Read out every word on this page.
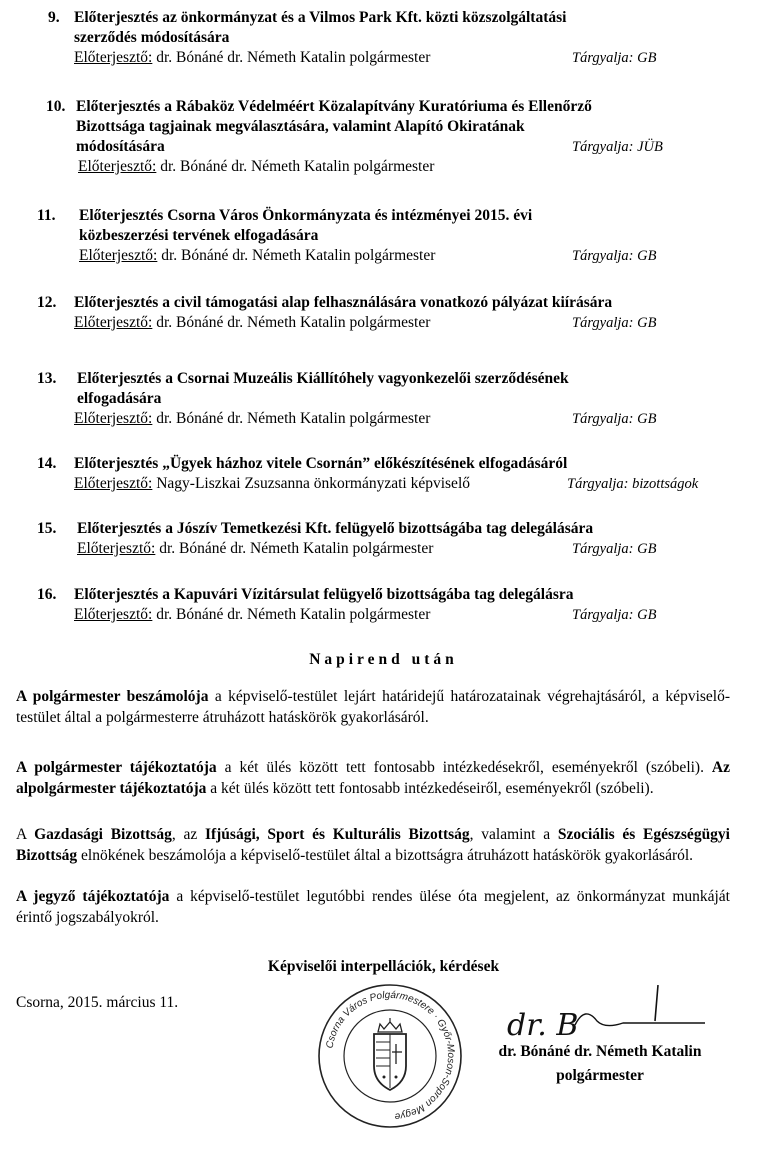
9. Előterjesztés az önkormányzat és a Vilmos Park Kft. közti közszolgáltatási
szerződés módosítására
Előterjesztő: dr. Bónáné dr. Németh Katalin polgármester	Tárgyalja: GB
10. Előterjesztés a Rábaköz Védelméért Közalapítvány Kuratóriuma és Ellenőrző
Bizottsága tagjainak megválasztására, valamint Alapító Okiratának
módosítására
Előterjesztő: dr. Bónáné dr. Németh Katalin polgármester
Tárgyalja: JÜB
11. Előterjesztés Csorna Város Önkormányzata és intézményei 2015. évi
közbeszerzési tervének elfogadására
Előterjesztő: dr. Bónáné dr. Németh Katalin polgármester	Tárgyalja: GB
12. Előterjesztés a civil támogatási alap felhasználására vonatkozó pályázat kiírására
Előterjesztő: dr. Bónáné dr. Németh Katalin polgármester	Tárgyalja: GB
13. Előterjesztés a Csornai Muzeális Kiállítóhely vagyonkezelői szerződésének
elfogadására
Előterjesztő: dr. Bónáné dr. Németh Katalin polgármester	Tárgyalja: GB
14. Előterjesztés „Ügyek házhoz vitele Csornán” előkészítésének elfogadásáról
Előterjesztő: Nagy-Liszkai Zsuzsanna önkormányzati képviselő	Tárgyalja: bizottságok
15. Előterjesztés a Jószív Temetkezési Kft. felügyelő bizottságába tag delegálására
Előterjesztő: dr. Bónáné dr. Németh Katalin polgármester	Tárgyalja: GB
16. Előterjesztés a Kapuvári Vízitársulat felügyelő bizottságába tag delegálásra
Előterjesztő: dr. Bónáné dr. Németh Katalin polgármester	Tárgyalja: GB
Napirend után
A polgármester beszámolója a képviselő-testület lejárt határidejű határozatainak végrehajtásáról, a képviselő-testület által a polgármesterre átruházott hatáskörök gyakorlásáról.
A polgármester tájékoztatója a két ülés között tett fontosabb intézkedésekről, eseményekről (szóbeli). Az alpolgármester tájékoztatója a két ülés között tett fontosabb intézkedéseiről, eseményekről (szóbeli).
A Gazdasági Bizottság, az Ifjúsági, Sport és Kulturális Bizottság, valamint a Szociális és Egészségügyi Bizottság elnökének beszámolója a képviselő-testület által a bizottságra átruházott hatáskörök gyakorlásáról.
A jegyző tájékoztatója a képviselő-testület legutóbbi rendes ülése óta megjelent, az önkormányzat munkáját érintő jogszabályokról.
Képviselői interpellációk, kérdések
Csorna, 2015. március 11.
Csorna Város Polgármestere · Győr-Moson-Sopron Megye
dr. B
dr. Bónáné dr. Németh Katalin
polgármester
